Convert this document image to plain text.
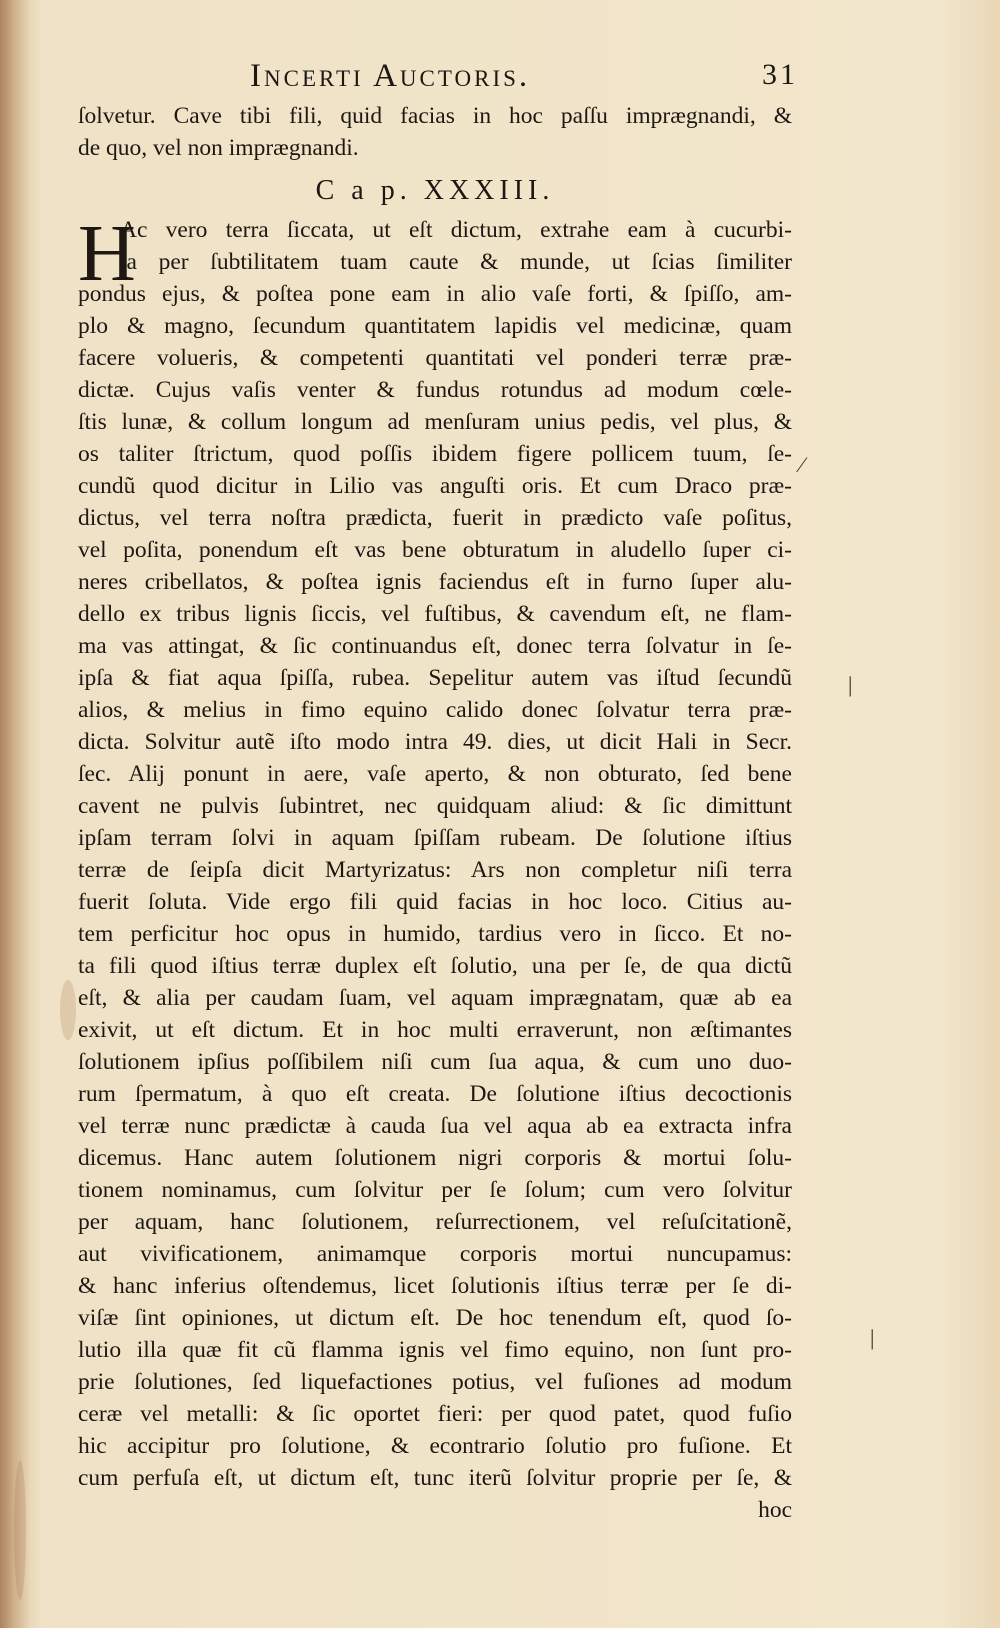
Incerti Auctoris.	31
ſolvetur. Cave tibi fili, quid facias in hoc paſſu imprægnandi, &
de quo, vel non imprægnandi.
C a p. XXXIII.
H
Ac vero terra ſiccata, ut eſt dictum, extrahe eam à cucurbi-
ta per ſubtilitatem tuam caute & munde, ut ſcias ſimiliter
pondus ejus, & poſtea pone eam in alio vaſe forti, & ſpiſſo, am-
plo & magno, ſecundum quantitatem lapidis vel medicinæ, quam
facere volueris, & competenti quantitati vel ponderi terræ præ-
dictæ. Cujus vaſis venter & fundus rotundus ad modum cœle-
ſtis lunæ, & collum longum ad menſuram unius pedis, vel plus, &
os taliter ſtrictum, quod poſſis ibidem figere pollicem tuum, ſe-
cundũ quod dicitur in Lilio vas anguſti oris. Et cum Draco præ-
dictus, vel terra noſtra prædicta, fuerit in prædicto vaſe poſitus,
vel poſita, ponendum eſt vas bene obturatum in aludello ſuper ci-
neres cribellatos, & poſtea ignis faciendus eſt in furno ſuper alu-
dello ex tribus lignis ſiccis, vel fuſtibus, & cavendum eſt, ne flam-
ma vas attingat, & ſic continuandus eſt, donec terra ſolvatur in ſe-
ipſa & fiat aqua ſpiſſa, rubea. Sepelitur autem vas iſtud ſecundũ
alios, & melius in fimo equino calido donec ſolvatur terra præ-
dicta. Solvitur autẽ iſto modo intra 49. dies, ut dicit Hali in Secr.
ſec. Alij ponunt in aere, vaſe aperto, & non obturato, ſed bene
cavent ne pulvis ſubintret, nec quidquam aliud: & ſic dimittunt
ipſam terram ſolvi in aquam ſpiſſam rubeam. De ſolutione iſtius
terræ de ſeipſa dicit Martyrizatus: Ars non completur niſi terra
fuerit ſoluta. Vide ergo fili quid facias in hoc loco. Citius au-
tem perficitur hoc opus in humido, tardius vero in ſicco. Et no-
ta fili quod iſtius terræ duplex eſt ſolutio, una per ſe, de qua dictũ
eſt, & alia per caudam ſuam, vel aquam imprægnatam, quæ ab ea
exivit, ut eſt dictum. Et in hoc multi erraverunt, non æſtimantes
ſolutionem ipſius poſſibilem niſi cum ſua aqua, & cum uno duo-
rum ſpermatum, à quo eſt creata. De ſolutione iſtius decoctionis
vel terræ nunc prædictæ à cauda ſua vel aqua ab ea extracta infra
dicemus. Hanc autem ſolutionem nigri corporis & mortui ſolu-
tionem nominamus, cum ſolvitur per ſe ſolum; cum vero ſolvitur
per aquam, hanc ſolutionem, reſurrectionem, vel reſuſcitationẽ,
aut vivificationem, animamque corporis mortui nuncupamus:
& hanc inferius oſtendemus, licet ſolutionis iſtius terræ per ſe di-
viſæ ſint opiniones, ut dictum eſt. De hoc tenendum eſt, quod ſo-
lutio illa quæ fit cũ flamma ignis vel fimo equino, non ſunt pro-
prie ſolutiones, ſed liquefactiones potius, vel fuſiones ad modum
ceræ vel metalli: & ſic oportet fieri: per quod patet, quod fuſio
hic accipitur pro ſolutione, & econtrario ſolutio pro fuſione. Et
cum perfuſa eſt, ut dictum eſt, tunc iterũ ſolvitur proprie per ſe, &
hoc
⁄
|
|
